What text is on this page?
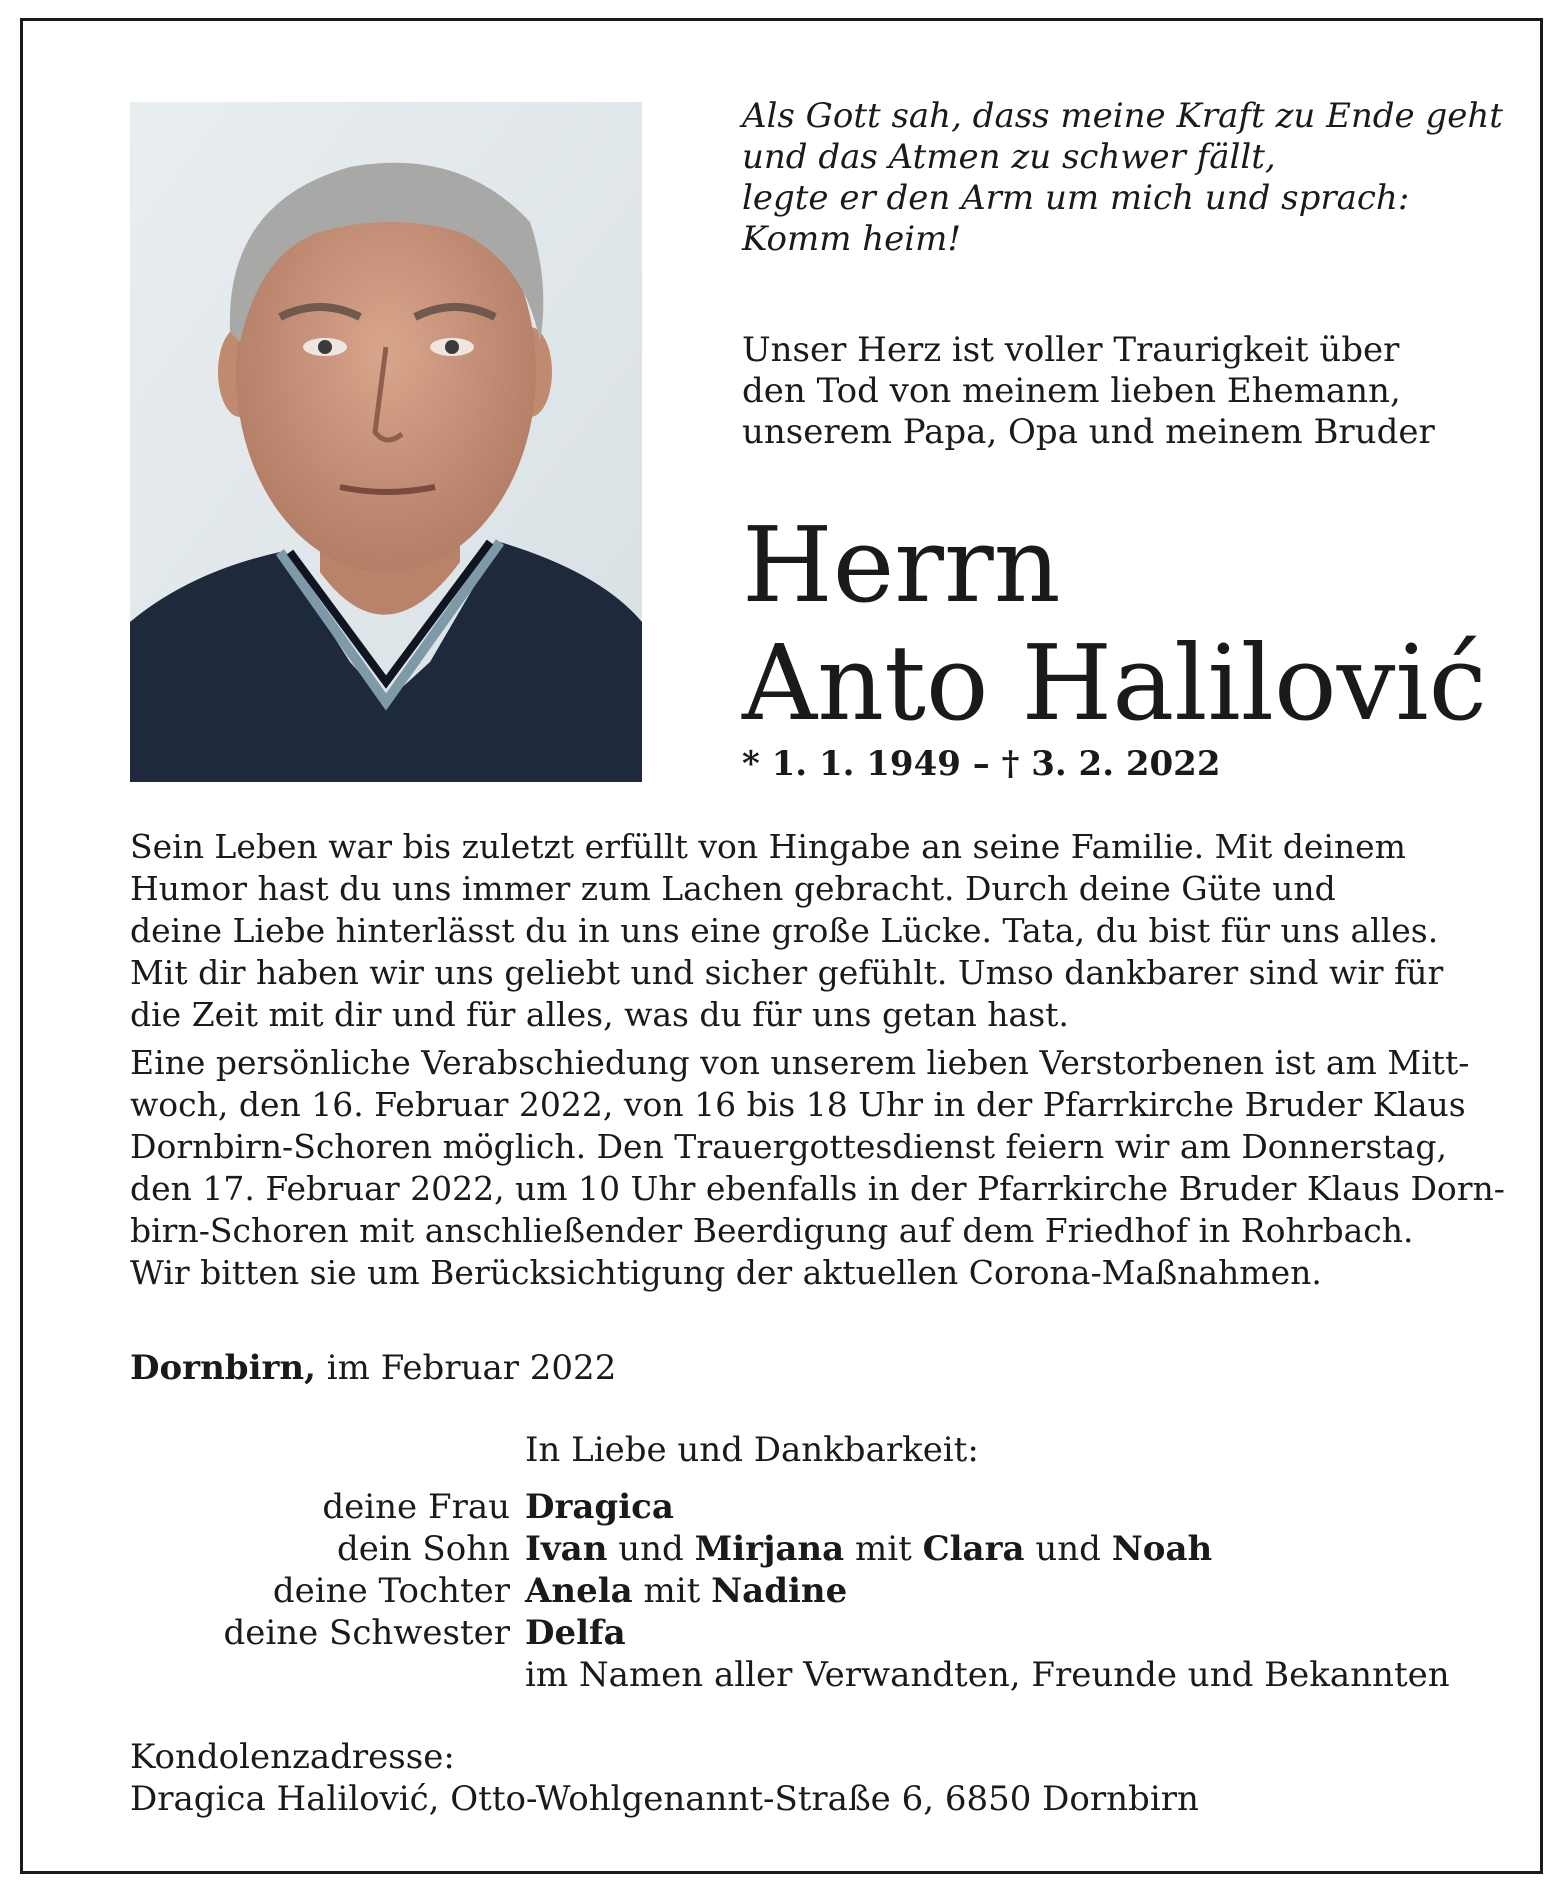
Als Gott sah, dass meine Kraft zu Ende geht
und das Atmen zu schwer fällt,
legte er den Arm um mich und sprach:
Komm heim!
Unser Herz ist voller Traurigkeit über
den Tod von meinem lieben Ehemann,
unserem Papa, Opa und meinem Bruder
Herrn
Anto Halilović
* 1. 1. 1949 – † 3. 2. 2022

Sein Leben war bis zuletzt erfüllt von Hingabe an seine Familie. Mit deinem
Humor hast du uns immer zum Lachen gebracht. Durch deine Güte und
deine Liebe hinterlässt du in uns eine große Lücke. Tata, du bist für uns alles.
Mit dir haben wir uns geliebt und sicher gefühlt. Umso dankbarer sind wir für
die Zeit mit dir und für alles, was du für uns getan hast.

Eine persönliche Verabschiedung von unserem lieben Verstorbenen ist am Mitt-
woch, den 16. Februar 2022, von 16 bis 18 Uhr in der Pfarrkirche Bruder Klaus
Dornbirn-Schoren möglich. Den Trauergottesdienst feiern wir am Donnerstag,
den 17. Februar 2022, um 10 Uhr ebenfalls in der Pfarrkirche Bruder Klaus Dorn-
birn-Schoren mit anschließender Beerdigung auf dem Friedhof in Rohrbach.
Wir bitten sie um Berücksichtigung der aktuellen Corona-Maßnahmen.

Dornbirn, im Februar 2022
In Liebe und Dankbarkeit:
deine Frau Dragica
dein Sohn Ivan und Mirjana mit Clara und Noah
deine Tochter Anela mit Nadine
deine Schwester Delfa
im Namen aller Verwandten, Freunde und Bekannten
Kondolenzadresse:
Dragica Halilović, Otto-Wohlgenannt-Straße 6, 6850 Dornbirn
